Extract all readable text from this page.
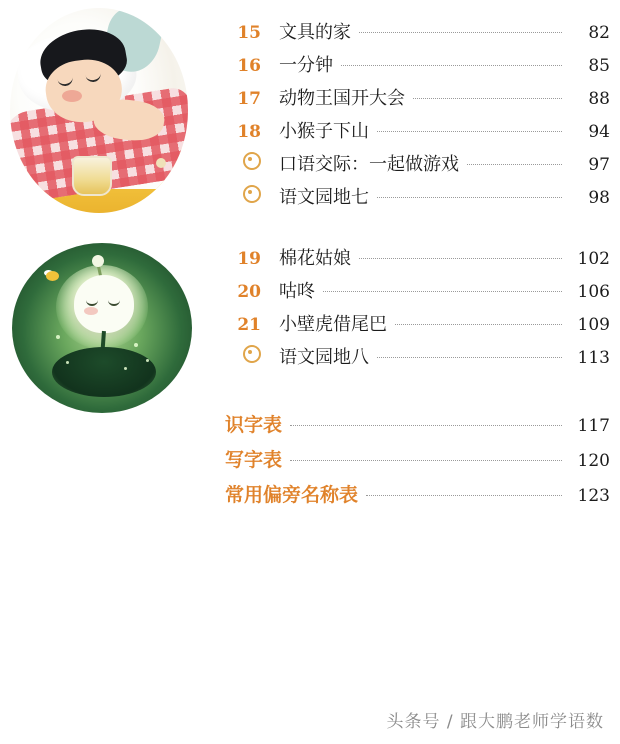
15	文具的家	82
16	一分钟	85
17	动物王国开大会	88
18	小猴子下山	94
口语交际：一起做游戏	97
语文园地七	98
19	棉花姑娘	102
20	咕咚	106
21	小壁虎借尾巴	109
语文园地八	113
识字表	117
写字表	120
常用偏旁名称表	123
头条号 / 跟大鹏老师学语数
